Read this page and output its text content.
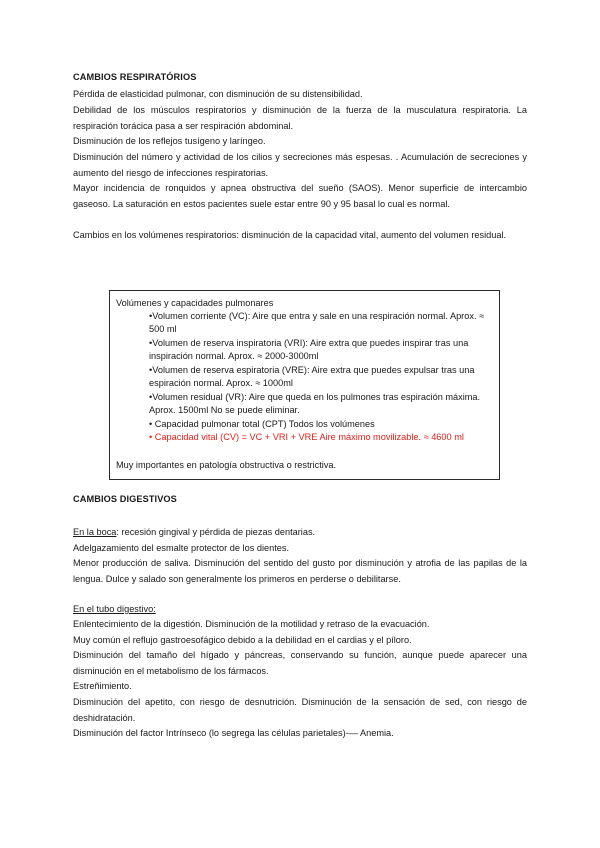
CAMBIOS RESPIRATÓRIOS
Pérdida de elasticidad pulmonar, con disminución de su distensibilidad.
Debilidad de los músculos respiratorios y disminución de la fuerza de la musculatura respiratoria. La respiración torácica pasa a ser respiración abdominal.
Disminución de los reflejos tusígeno y laríngeo.
Disminución del número y actividad de los cilios y secreciones más espesas. . Acumulación de secreciones y aumento del riesgo de infecciones respiratorias.
Mayor incidencia de ronquidos y apnea obstructiva del sueño (SAOS). Menor superficie de intercambio gaseoso. La saturación en estos pacientes suele estar entre 90 y 95 basal lo cual es normal.
Cambios en los volúmenes respiratorios: disminución de la capacidad vital, aumento del volumen residual.
Volúmenes y capacidades pulmonares
•Volumen corriente (VC): Aire que entra y sale en una respiración normal. Aprox. ≈ 500 ml
•Volumen de reserva inspiratoria (VRI): Aire extra que puedes inspirar tras una inspiración normal. Aprox. ≈ 2000-3000ml
•Volumen de reserva espiratoria (VRE): Aire extra que puedes expulsar tras una espiración normal. Aprox. ≈ 1000ml
•Volumen residual (VR): Aire que queda en los pulmones tras espiración máxima. Aprox. 1500ml No se puede eliminar.
• Capacidad pulmonar total (CPT) Todos los volúmenes
• Capacidad vital (CV) = VC + VRI + VRE Aire máximo movilizable. ≈ 4600 ml
Muy importantes en patología obstructiva o restrictiva.
CAMBIOS DIGESTIVOS
En la boca: recesión gingival y pérdida de piezas dentarias.
Adelgazamiento del esmalte protector de los dientes.
Menor producción de saliva. Disminución del sentido del gusto por disminución y atrofia de las papilas de la lengua. Dulce y salado son generalmente los primeros en perderse o debilitarse.
En el tubo digestivo:
Enlentecimiento de la digestión. Disminución de la motilidad y retraso de la evacuación.
Muy común el reflujo gastroesofágico debido a la debilidad en el cardias y el píloro.
Disminución del tamaño del hígado y páncreas, conservando su función, aunque puede aparecer una disminución en el metabolismo de los fármacos.
Estreñimiento.
Disminución del apetito, con riesgo de desnutrición. Disminución de la sensación de sed, con riesgo de deshidratación.
Disminución del factor Intrínseco (lo segrega las células parietales)-— Anemia.
